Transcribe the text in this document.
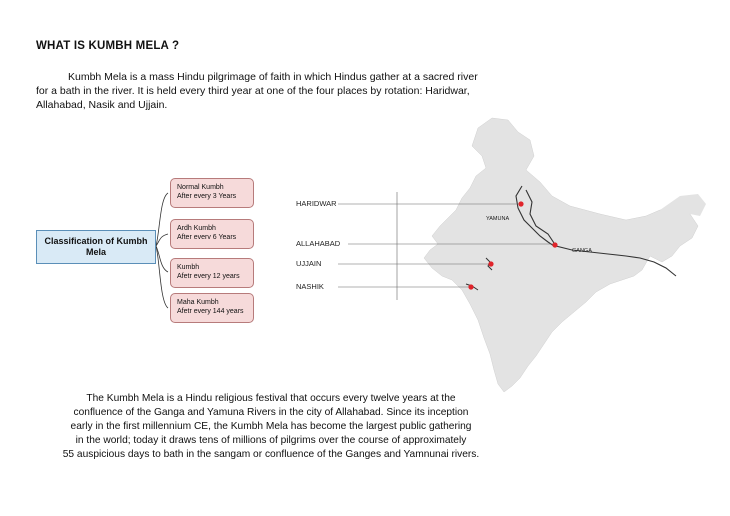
WHAT IS KUMBH MELA ?
Kumbh Mela is a mass Hindu pilgrimage of faith in which Hindus gather at a sacred river
for a bath in the river. It is held every third year at one of the four places by rotation: Haridwar,
Allahabad, Nasik and Ujjain.
Classification of Kumbh Mela
Normal Kumbh
After every 3 Years
Ardh Kumbh
After everv 6 Years
Kumbh
Afetr every 12 years
Maha Kumbh
Afetr every 144 years
HARIDWAR
ALLAHABAD
UJJAIN
NASHIK
YAMUNA
GANGA
The Kumbh Mela is a Hindu religious festival that occurs every twelve years at the
confluence of the Ganga and Yamuna Rivers in the city of Allahabad. Since its inception
early in the first millennium CE, the Kumbh Mela has become the largest public gathering
in the world; today it draws tens of millions of pilgrims over the course of approximately
55 auspicious days to bath in the sangam or confluence of the Ganges and Yamnunai rivers.
